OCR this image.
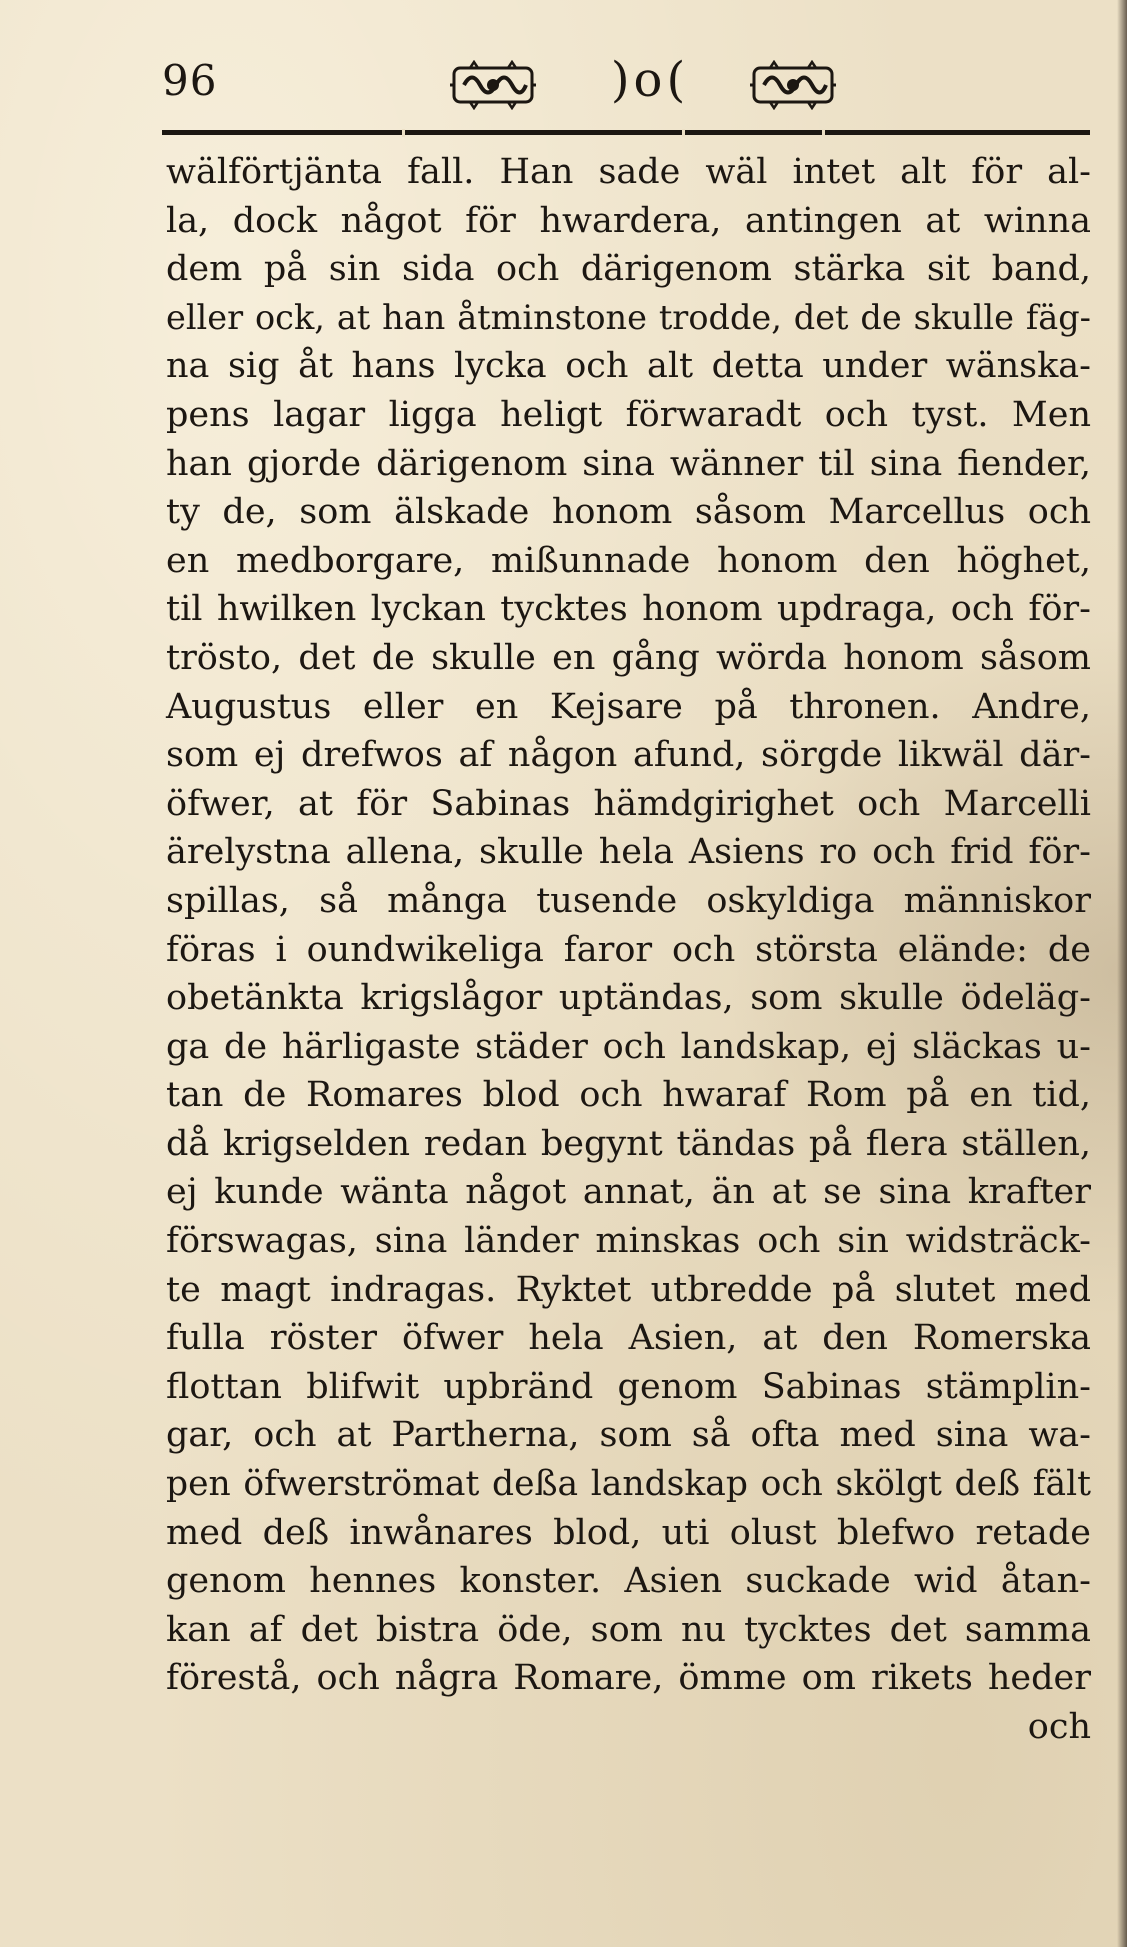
96	)o(
wälförtjänta fall. Han sade wäl intet alt för al-
la, dock något för hwardera, antingen at winna
dem på sin sida och därigenom stärka sit band,
eller ock, at han åtminstone trodde, det de skulle fäg-
na sig åt hans lycka och alt detta under wänska-
pens lagar ligga heligt förwaradt och tyst. Men
han gjorde därigenom sina wänner til sina fiender,
ty de, som älskade honom såsom Marcellus och
en medborgare, mißunnade honom den höghet,
til hwilken lyckan tycktes honom updraga, och för-
trösto, det de skulle en gång wörda honom såsom
Augustus eller en Kejsare på thronen. Andre,
som ej drefwos af någon afund, sörgde likwäl där-
öfwer, at för Sabinas hämdgirighet och Marcelli
ärelystna allena, skulle hela Asiens ro och frid för-
spillas, så många tusende oskyldiga människor
föras i oundwikeliga faror och största elände: de
obetänkta krigslågor uptändas, som skulle ödeläg-
ga de härligaste städer och landskap, ej släckas u-
tan de Romares blod och hwaraf Rom på en tid,
då krigselden redan begynt tändas på flera ställen,
ej kunde wänta något annat, än at se sina krafter
förswagas, sina länder minskas och sin widsträck-
te magt indragas. Ryktet utbredde på slutet med
fulla röster öfwer hela Asien, at den Romerska
flottan blifwit upbränd genom Sabinas stämplin-
gar, och at Partherna, som så ofta med sina wa-
pen öfwerströmat deßa landskap och skölgt deß fält
med deß inwånares blod, uti olust blefwo retade
genom hennes konster. Asien suckade wid åtan-
kan af det bistra öde, som nu tycktes det samma
förestå, och några Romare, ömme om rikets heder
och
